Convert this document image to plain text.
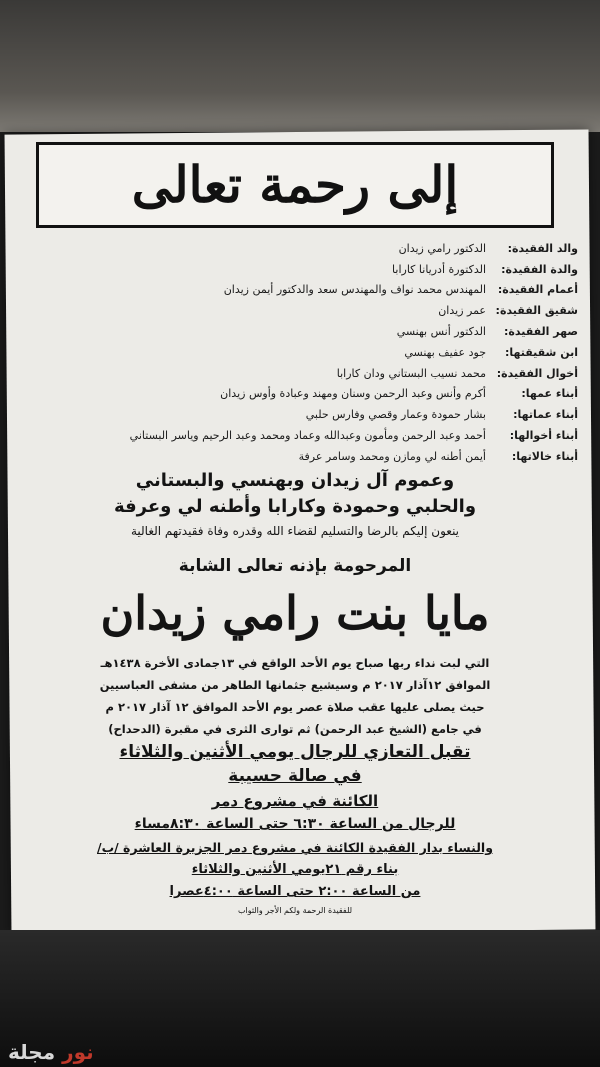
إلى رحمة تعالى
والد الفقيدة:
الدكتور رامي زيدان
والدة الفقيدة:
الدكتورة أدريانا كارابا
أعمام الفقيدة:
المهندس محمد نواف والمهندس سعد والدكتور أيمن زيدان
شقيق الفقيدة:
عمر زيدان
صهر الفقيدة:
الدكتور أنس بهنسي
ابن شقيقتها:
جود عفيف بهنسي
أخوال الفقيدة:
محمد نسيب البستاني ودان كارابا
أبناء عمها:
أكرم وأنس وعبد الرحمن وسنان ومهند وعبادة وأوس زيدان
أبناء عماتها:
بشار حمودة وعمار وقصي وفارس حلبي
أبناء أخوالها:
أحمد وعبد الرحمن ومأمون وعبدالله وعماد ومحمد وعبد الرحيم وياسر البستاني
أبناء خالاتها:
أيمن أطنه لي ومازن ومحمد وسامر عرفة
وعموم آل زيدان وبهنسي والبستاني
والحلبي وحمودة وكارابا وأطنه لي وعرفة
ينعون إليكم بالرضا والتسليم لقضاء الله وقدره وفاة فقيدتهم الغالية
المرحومة بإذنه تعالى الشابة
مايا بنت رامي زيدان
التي لبت نداء ربها صباح يوم الأحد الواقع في ١٣جمادى الأخرة ١٤٣٨هـ
الموافق ١٢آذار ٢٠١٧ م وسيشيع جثمانها الطاهر من مشفى العباسيين
حيث يصلى عليها عقب صلاة عصر يوم الأحد الموافق ١٢ آذار ٢٠١٧ م
في جامع (الشيخ عبد الرحمن) ثم توارى الثرى في مقبرة (الدحداح)
تقبل التعازي للرجال يومي الأثنين والثلاثاء
في صالة حسيبة
الكائنة في مشروع دمر
للرجال من الساعة ٦:٣٠ حتى الساعة ٨:٣٠مساء
والنساء بدار الفقيدة الكائنة في مشروع دمر الجزيرة العاشرة /ب/
بناء رقم ٢١يومي الأثنين والثلاثاء
من الساعة ٢:٠٠ حتى الساعة ٤:٠٠عصرا
للفقيدة الرحمة ولكم الأجر والثواب
نور مجلة
